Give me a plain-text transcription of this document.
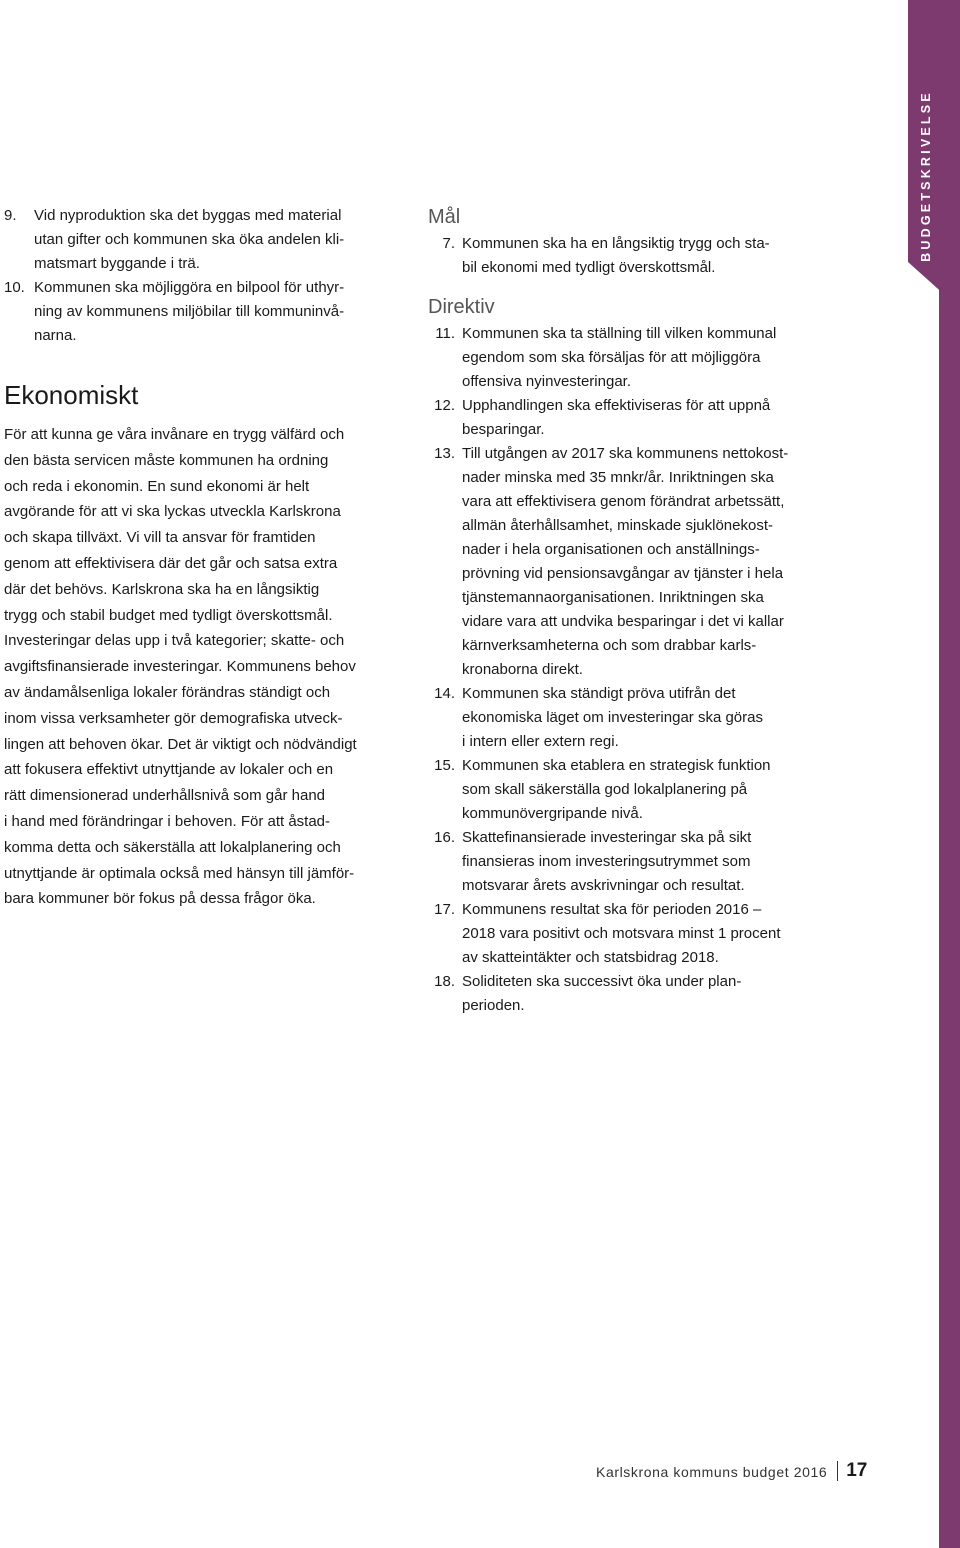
BUDGETSKRIVELSE
9. Vid nyproduktion ska det byggas med material
utan gifter och kommunen ska öka andelen kli-
matsmart byggande i trä.
10. Kommunen ska möjliggöra en bilpool för uthyr-
ning av kommunens miljöbilar till kommuninvå-
narna.
Ekonomiskt

För att kunna ge våra invånare en trygg välfärd och
den bästa servicen måste kommunen ha ordning
och reda i ekonomin. En sund ekonomi är helt
avgörande för att vi ska lyckas utveckla Karlskrona
och skapa tillväxt. Vi vill ta ansvar för framtiden
genom att effektivisera där det går och satsa extra
där det behövs. Karlskrona ska ha en långsiktig
trygg och stabil budget med tydligt överskottsmål.
Investeringar delas upp i två kategorier; skatte- och
avgiftsfinansierade investeringar. Kommunens behov
av ändamålsenliga lokaler förändras ständigt och
inom vissa verksamheter gör demografiska utveck-
lingen att behoven ökar. Det är viktigt och nödvändigt
att fokusera effektivt utnyttjande av lokaler och en
rätt dimensionerad underhållsnivå som går hand
i hand med förändringar i behoven. För att åstad-
komma detta och säkerställa att lokalplanering och
utnyttjande är optimala också med hänsyn till jämför-
bara kommuner bör fokus på dessa frågor öka.

Mål
7. Kommunen ska ha en långsiktig trygg och sta-
bil ekonomi med tydligt överskottsmål.
Direktiv
11. Kommunen ska ta ställning till vilken kommunal
egendom som ska försäljas för att möjliggöra
offensiva nyinvesteringar.
12. Upphandlingen ska effektiviseras för att uppnå
besparingar.
13. Till utgången av 2017 ska kommunens nettokost-
nader minska med 35 mnkr/år. Inriktningen ska
vara att effektivisera genom förändrat arbetssätt,
allmän återhållsamhet, minskade sjuklönekost-
nader i hela organisationen och anställnings-
prövning vid pensionsavgångar av tjänster i hela
tjänstemannaorganisationen. Inriktningen ska
vidare vara att undvika besparingar i det vi kallar
kärnverksamheterna och som drabbar karls-
kronaborna direkt.
14. Kommunen ska ständigt pröva utifrån det
ekonomiska läget om investeringar ska göras
i intern eller extern regi.
15. Kommunen ska etablera en strategisk funktion
som skall säkerställa god lokalplanering på
kommunövergripande nivå.
16. Skattefinansierade investeringar ska på sikt
finansieras inom investeringsutrymmet som
motsvarar årets avskrivningar och resultat.
17. Kommunens resultat ska för perioden 2016 –
2018 vara positivt och motsvara minst 1 procent
av skatteintäkter och statsbidrag 2018.
18. Soliditeten ska successivt öka under plan-
perioden.
Karlskrona kommuns budget 2016 17
